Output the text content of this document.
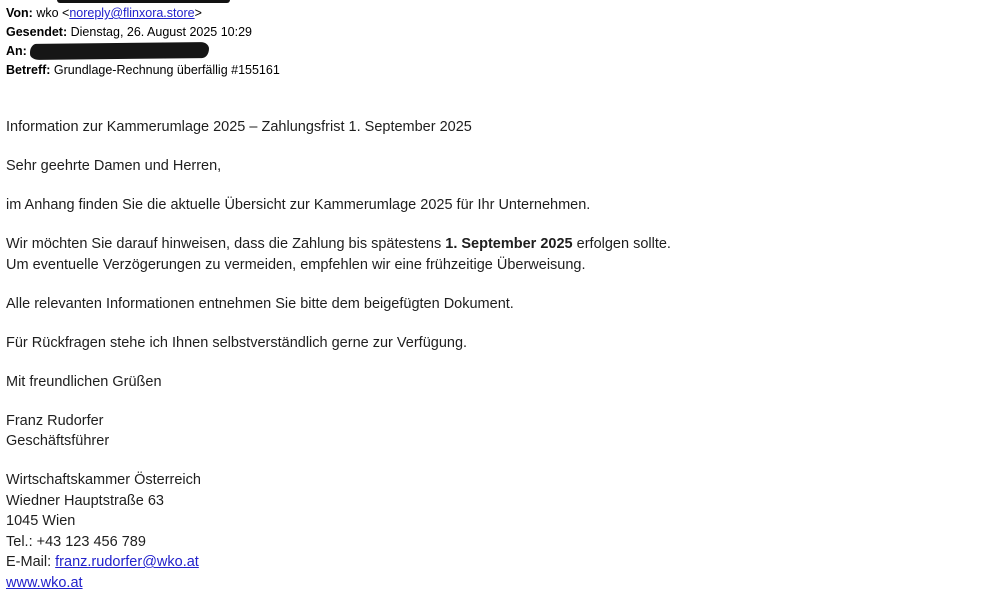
Von: wko <noreply@flinxora.store>
Gesendet: Dienstag, 26. August 2025 10:29
An:
Betreff: Grundlage-Rechnung überfällig #155161

Information zur Kammerumlage 2025 – Zahlungsfrist 1. September 2025

Sehr geehrte Damen und Herren,

im Anhang finden Sie die aktuelle Übersicht zur Kammerumlage 2025 für Ihr Unternehmen.

Wir möchten Sie darauf hinweisen, dass die Zahlung bis spätestens 1. September 2025 erfolgen sollte.
Um eventuelle Verzögerungen zu vermeiden, empfehlen wir eine frühzeitige Überweisung.

Alle relevanten Informationen entnehmen Sie bitte dem beigefügten Dokument.

Für Rückfragen stehe ich Ihnen selbstverständlich gerne zur Verfügung.

Mit freundlichen Grüßen

Franz Rudorfer
Geschäftsführer

Wirtschaftskammer Österreich
Wiedner Hauptstraße 63
1045 Wien
Tel.: +43 123 456 789
E-Mail: franz.rudorfer@wko.at
www.wko.at
